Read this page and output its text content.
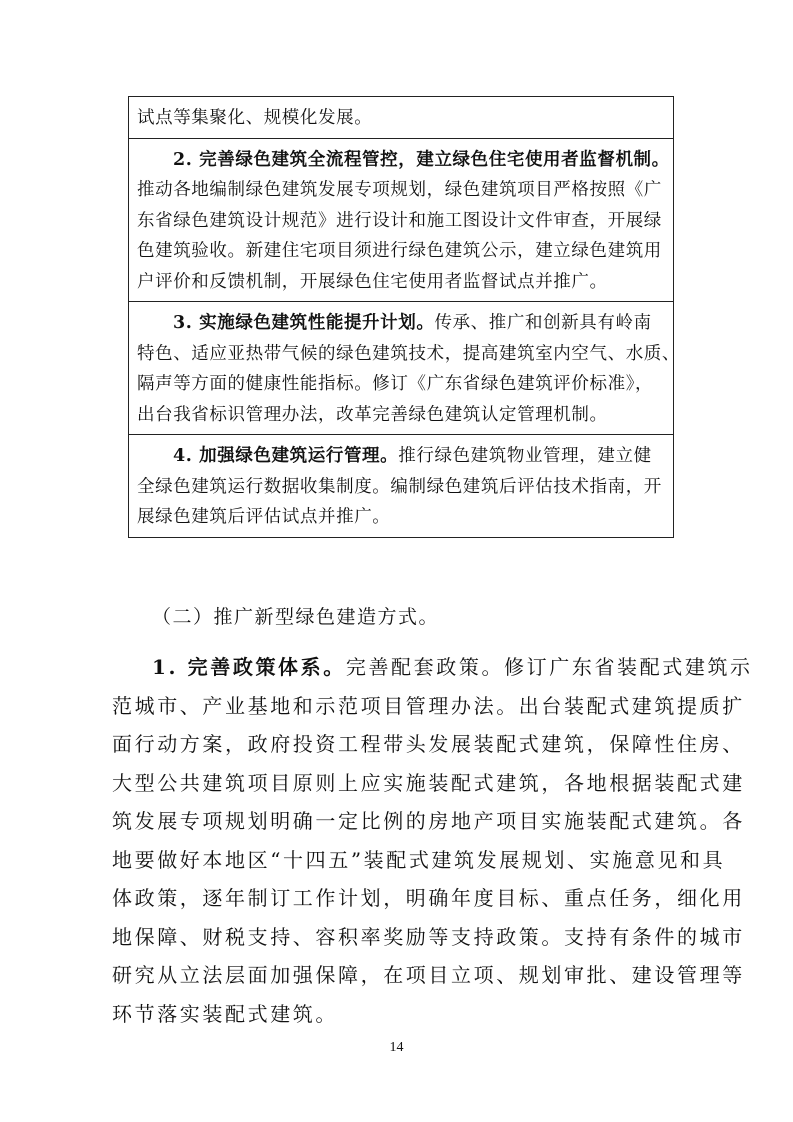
试点等集聚化、规模化发展。
2. 完善绿色建筑全流程管控，建立绿色住宅使用者监督机制。
推动各地编制绿色建筑发展专项规划，绿色建筑项目严格按照《广
东省绿色建筑设计规范》进行设计和施工图设计文件审查，开展绿
色建筑验收。新建住宅项目须进行绿色建筑公示，建立绿色建筑用
户评价和反馈机制，开展绿色住宅使用者监督试点并推广。
3. 实施绿色建筑性能提升计划。传承、推广和创新具有岭南
特色、适应亚热带气候的绿色建筑技术，提高建筑室内空气、水质、
隔声等方面的健康性能指标。修订《广东省绿色建筑评价标准》，
出台我省标识管理办法，改革完善绿色建筑认定管理机制。
4. 加强绿色建筑运行管理。推行绿色建筑物业管理，建立健
全绿色建筑运行数据收集制度。编制绿色建筑后评估技术指南，开
展绿色建筑后评估试点并推广。
（二）推广新型绿色建造方式。
1. 完善政策体系。完善配套政策。修订广东省装配式建筑示
范城市、产业基地和示范项目管理办法。出台装配式建筑提质扩
面行动方案，政府投资工程带头发展装配式建筑，保障性住房、
大型公共建筑项目原则上应实施装配式建筑，各地根据装配式建
筑发展专项规划明确一定比例的房地产项目实施装配式建筑。各
地要做好本地区“十四五”装配式建筑发展规划、实施意见和具
体政策，逐年制订工作计划，明确年度目标、重点任务，细化用
地保障、财税支持、容积率奖励等支持政策。支持有条件的城市
研究从立法层面加强保障，在项目立项、规划审批、建设管理等
环节落实装配式建筑。
14
